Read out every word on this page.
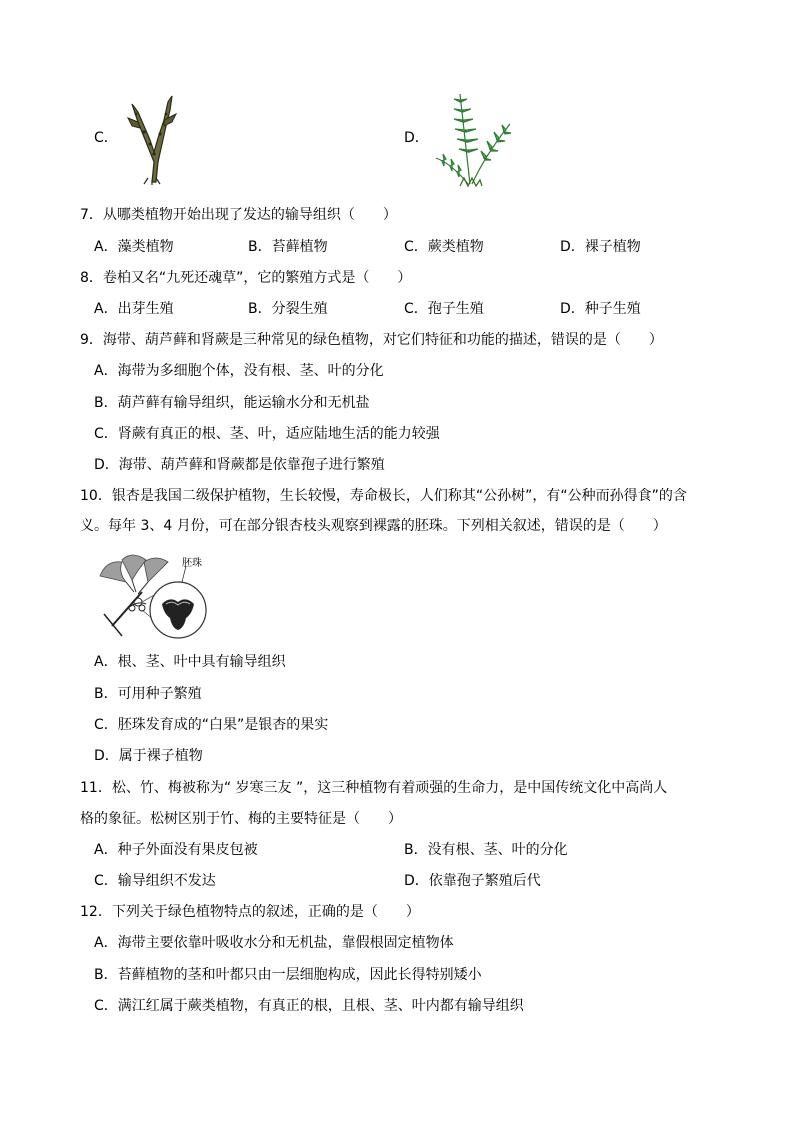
C．	D．
7．从哪类植物开始出现了发达的输导组织（　　）
A．藻类植物	B．苔藓植物	C．蕨类植物	D．裸子植物
8．卷柏又名“九死还魂草”，它的繁殖方式是（　　）
A．出芽生殖	B．分裂生殖	C．孢子生殖	D．种子生殖
9．海带、葫芦藓和肾蕨是三种常见的绿色植物，对它们特征和功能的描述，错误的是（　　）
A．海带为多细胞个体，没有根、茎、叶的分化
B．葫芦藓有输导组织，能运输水分和无机盐
C．肾蕨有真正的根、茎、叶，适应陆地生活的能力较强
D．海带、葫芦藓和肾蕨都是依靠孢子进行繁殖
10．银杏是我国二级保护植物，生长较慢，寿命极长，人们称其“公孙树”，有“公种而孙得食”的含
义。每年 3、4 月份，可在部分银杏枝头观察到裸露的胚珠。下列相关叙述，错误的是（　　）
胚珠
A．根、茎、叶中具有输导组织
B．可用种子繁殖
C．胚珠发育成的“白果”是银杏的果实
D．属于裸子植物
11．松、竹、梅被称为“ 岁寒三友 ”，这三种植物有着顽强的生命力，是中国传统文化中高尚人
格的象征。松树区别于竹、梅的主要特征是（　　）
A．种子外面没有果皮包被	B．没有根、茎、叶的分化
C．输导组织不发达	D．依靠孢子繁殖后代
12．下列关于绿色植物特点的叙述，正确的是（　　）
A．海带主要依靠叶吸收水分和无机盐，靠假根固定植物体
B．苔藓植物的茎和叶都只由一层细胞构成，因此长得特别矮小
C．满江红属于蕨类植物，有真正的根，且根、茎、叶内都有输导组织
